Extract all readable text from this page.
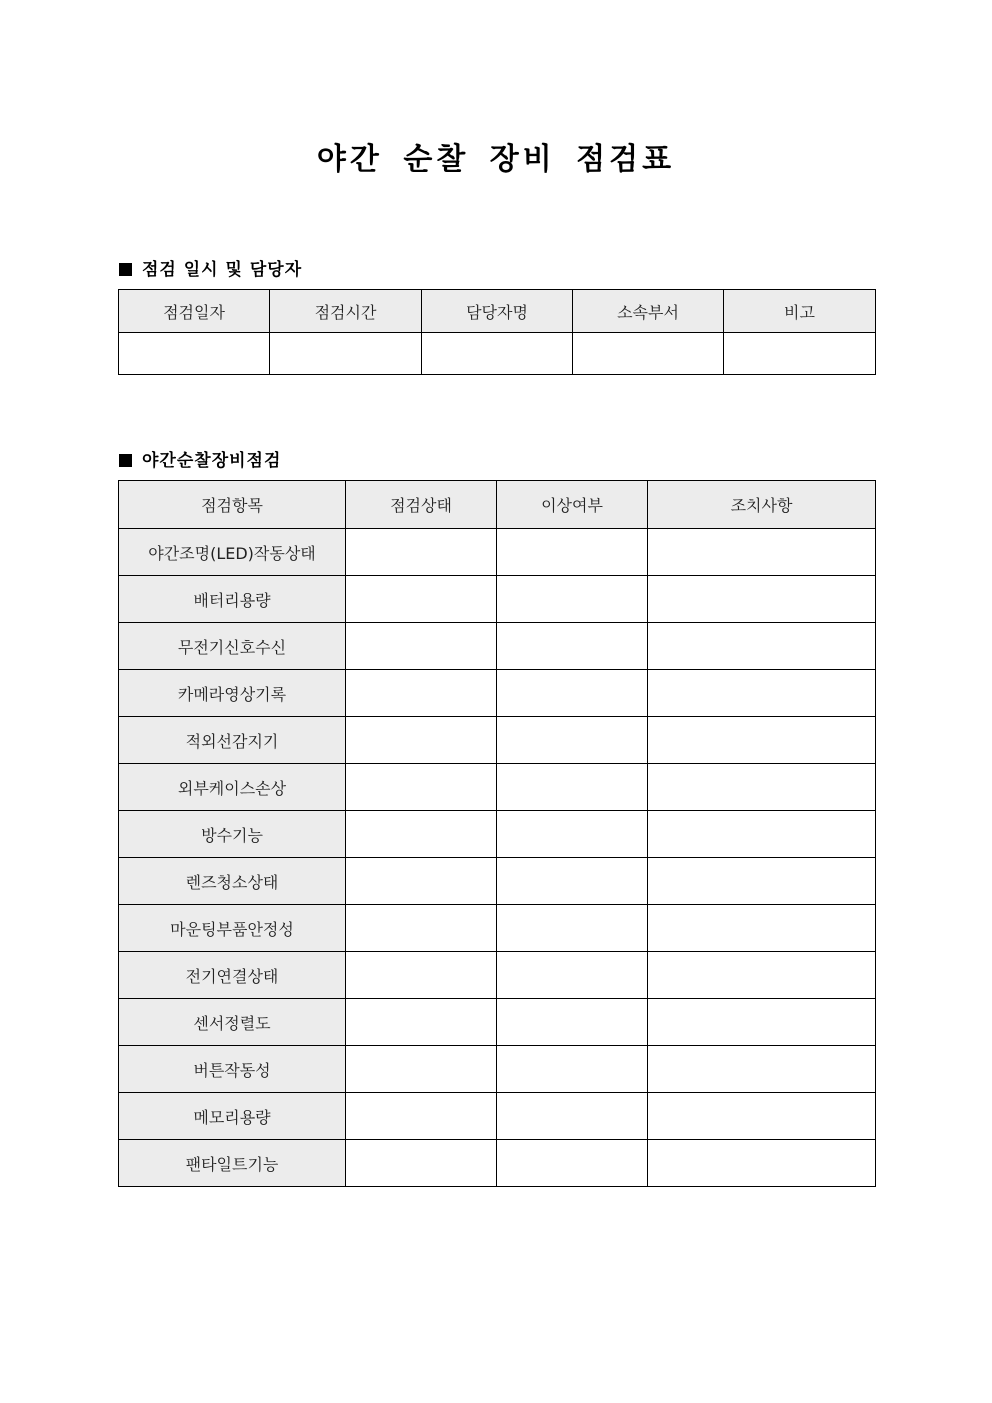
야간 순찰 장비 점검표
점검 일시 및 담당자
점검일자	점검시간	담당자명	소속부서	비고

야간순찰장비점검
점검항목	점검상태	이상여부	조치사항
야간조명(LED)작동상태			
배터리용량			
무전기신호수신			
카메라영상기록			
적외선감지기			
외부케이스손상			
방수기능			
렌즈청소상태			
마운팅부품안정성			
전기연결상태			
센서정렬도			
버튼작동성			
메모리용량			
팬타일트기능			
